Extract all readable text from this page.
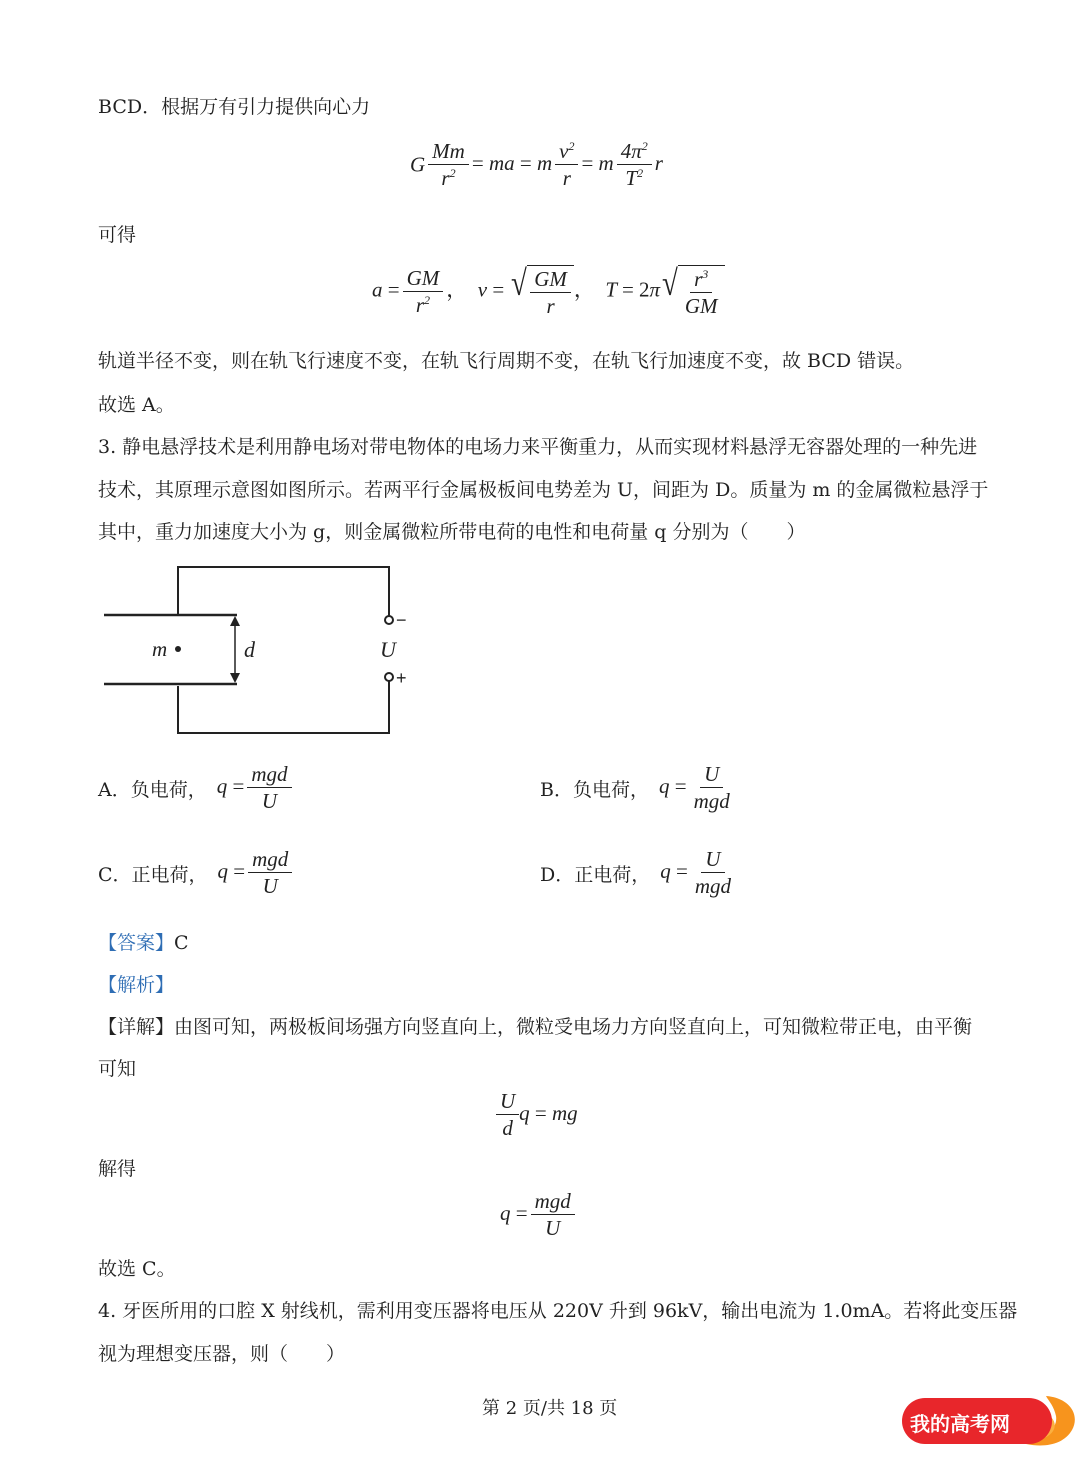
BCD．根据万有引力提供向心力
G $\frac{Mm}{r^2}$ = ma = m $\frac{v^2}{r} = m \frac{4\pi^2}{T^2}$ r
可得
$a = \frac{GM}{r^2}$ ，  v = √ $\frac{GM}{r}$ ，  T = 2π √ $\frac{r^3}{GM}$
轨道半径不变，则在轨飞行速度不变，在轨飞行周期不变，在轨飞行加速度不变，故 BCD 错误。
故选 A。
3. 静电悬浮技术是利用静电场对带电物体的电场力来平衡重力，从而实现材料悬浮无容器处理的一种先进
技术，其原理示意图如图所示。若两平行金属极板间电势差为 U，间距为 D。质量为 m 的金属微粒悬浮于
其中，重力加速度大小为 g，则金属微粒所带电荷的电性和电荷量 q 分别为（　　）
m	d	U
−
+
A．负电荷， $q = \frac{\text{mgd}}{U}$	B．负电荷， $q = \frac{U}{\text{mgd}}$
C．正电荷， $q = \frac{\text{mgd}}{U}$	D．正电荷， $q = \frac{U}{\text{mgd}}$
【答案】C
【解析】
【详解】由图可知，两极板间场强方向竖直向上，微粒受电场力方向竖直向上，可知微粒带正电，由平衡
可知
$\frac{U}{d}$ q = mg
解得
$q = \frac{\text{mgd}}{U}$
故选 C。
4. 牙医所用的口腔 X 射线机，需利用变压器将电压从 220V 升到 96kV，输出电流为 1.0mA。若将此变压器
视为理想变压器，则（　　）
第 2 页/共 18 页
我的高考网
